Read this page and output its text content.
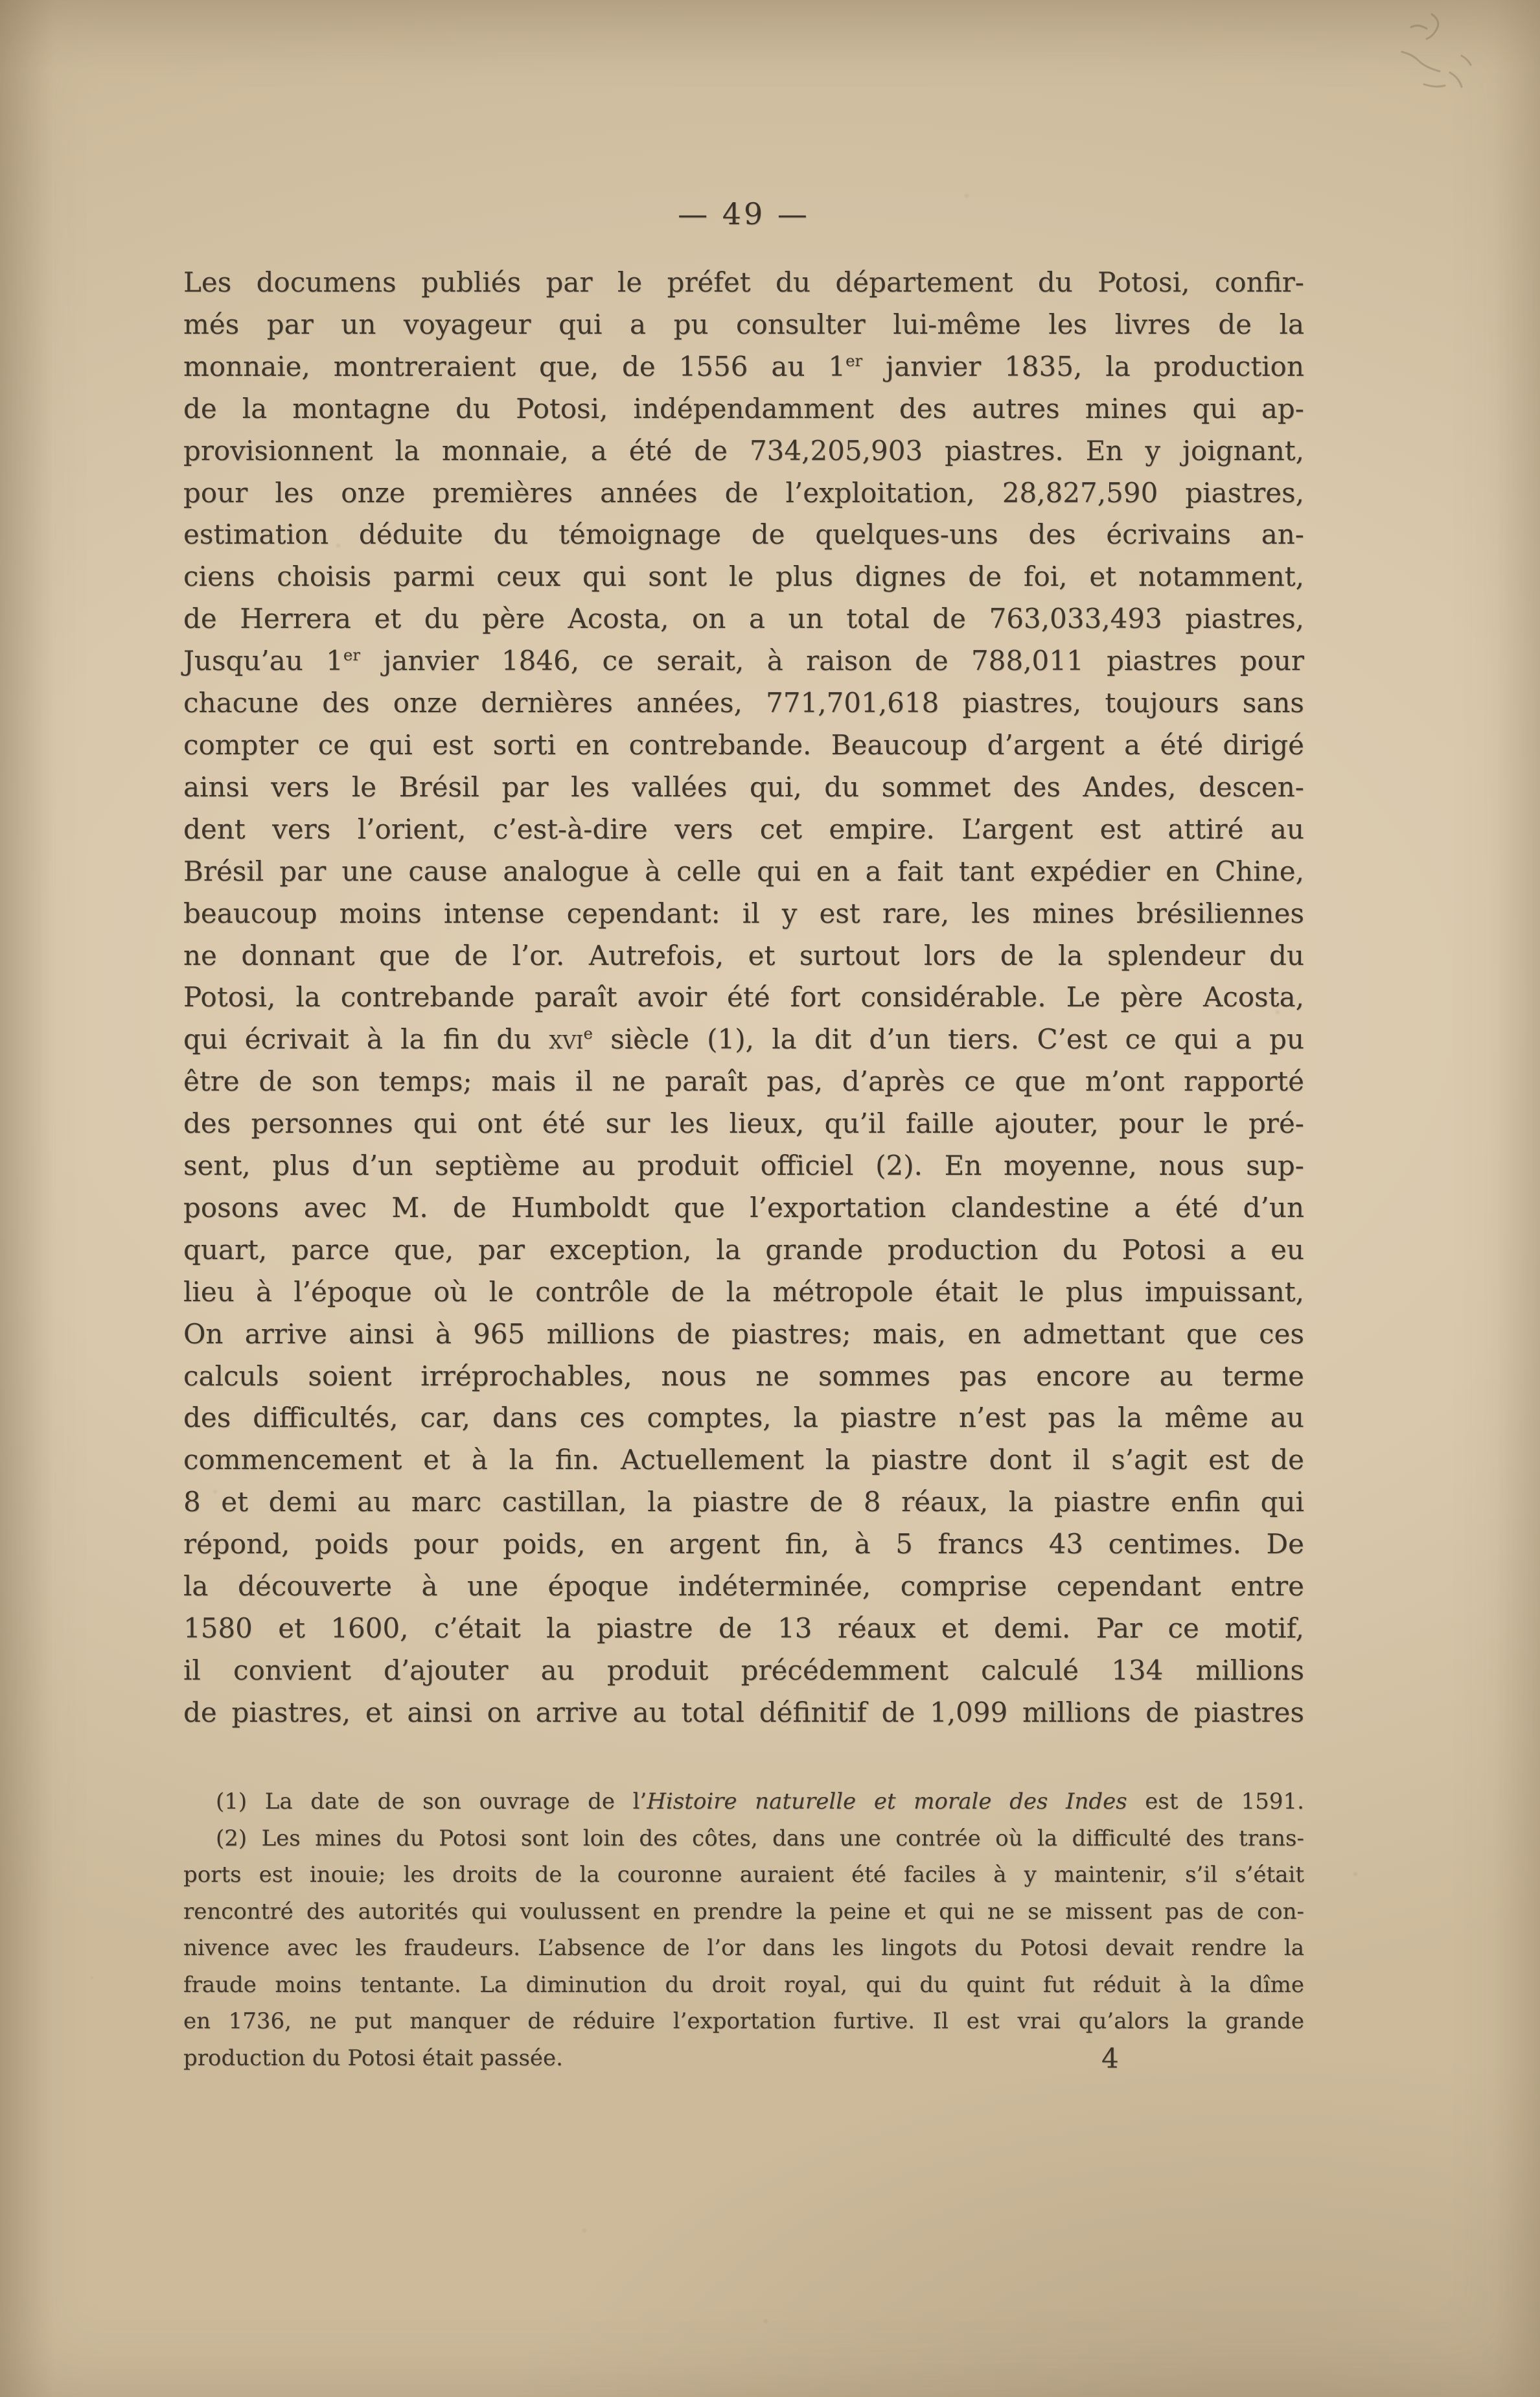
— 49 —
Les documens publiés par le préfet du département du Potosi, confir-
més par un voyageur qui a pu consulter lui-même les livres de la
monnaie, montreraient que, de 1556 au 1er janvier 1835, la production
de la montagne du Potosi, indépendamment des autres mines qui ap-
provisionnent la monnaie, a été de 734,205,903 piastres. En y joignant,
pour les onze premières années de l’exploitation, 28,827,590 piastres,
estimation déduite du témoignage de quelques-uns des écrivains an-
ciens choisis parmi ceux qui sont le plus dignes de foi, et notamment,
de Herrera et du père Acosta, on a un total de 763,033,493 piastres,
Jusqu’au 1er janvier 1846, ce serait, à raison de 788,011 piastres pour
chacune des onze dernières années, 771,701,618 piastres, toujours sans
compter ce qui est sorti en contrebande. Beaucoup d’argent a été dirigé
ainsi vers le Brésil par les vallées qui, du sommet des Andes, descen-
dent vers l’orient, c’est-à-dire vers cet empire. L’argent est attiré au
Brésil par une cause analogue à celle qui en a fait tant expédier en Chine,
beaucoup moins intense cependant: il y est rare, les mines brésiliennes
ne donnant que de l’or. Autrefois, et surtout lors de la splendeur du
Potosi, la contrebande paraît avoir été fort considérable. Le père Acosta,
qui écrivait à la fin du xvi$^e$ siècle (1), la dit d’un tiers. C’est ce qui a pu
être de son temps; mais il ne paraît pas, d’après ce que m’ont rapporté
des personnes qui ont été sur les lieux, qu’il faille ajouter, pour le pré-
sent, plus d’un septième au produit officiel (2). En moyenne, nous sup-
posons avec M. de Humboldt que l’exportation clandestine a été d’un
quart, parce que, par exception, la grande production du Potosi a eu
lieu à l’époque où le contrôle de la métropole était le plus impuissant,
On arrive ainsi à 965 millions de piastres; mais, en admettant que ces
calculs soient irréprochables, nous ne sommes pas encore au terme
des difficultés, car, dans ces comptes, la piastre n’est pas la même au
commencement et à la fin. Actuellement la piastre dont il s’agit est de
8 et demi au marc castillan, la piastre de 8 réaux, la piastre enfin qui
répond, poids pour poids, en argent fin, à 5 francs 43 centimes. De
la découverte à une époque indéterminée, comprise cependant entre
1580 et 1600, c’était la piastre de 13 réaux et demi. Par ce motif,
il convient d’ajouter au produit précédemment calculé 134 millions
de piastres, et ainsi on arrive au total définitif de 1,099 millions de piastres
(1) La date de son ouvrage de l’Histoire naturelle et morale des Indes est de 1591.
(2) Les mines du Potosi sont loin des côtes, dans une contrée où la difficulté des trans-
ports est inouie; les droits de la couronne auraient été faciles à y maintenir, s’il s’était
rencontré des autorités qui voulussent en prendre la peine et qui ne se missent pas de con-
nivence avec les fraudeurs. L’absence de l’or dans les lingots du Potosi devait rendre la
fraude moins tentante. La diminution du droit royal, qui du quint fut réduit à la dîme
en 1736, ne put manquer de réduire l’exportation furtive. Il est vrai qu’alors la grande
production du Potosi était passée.	4
